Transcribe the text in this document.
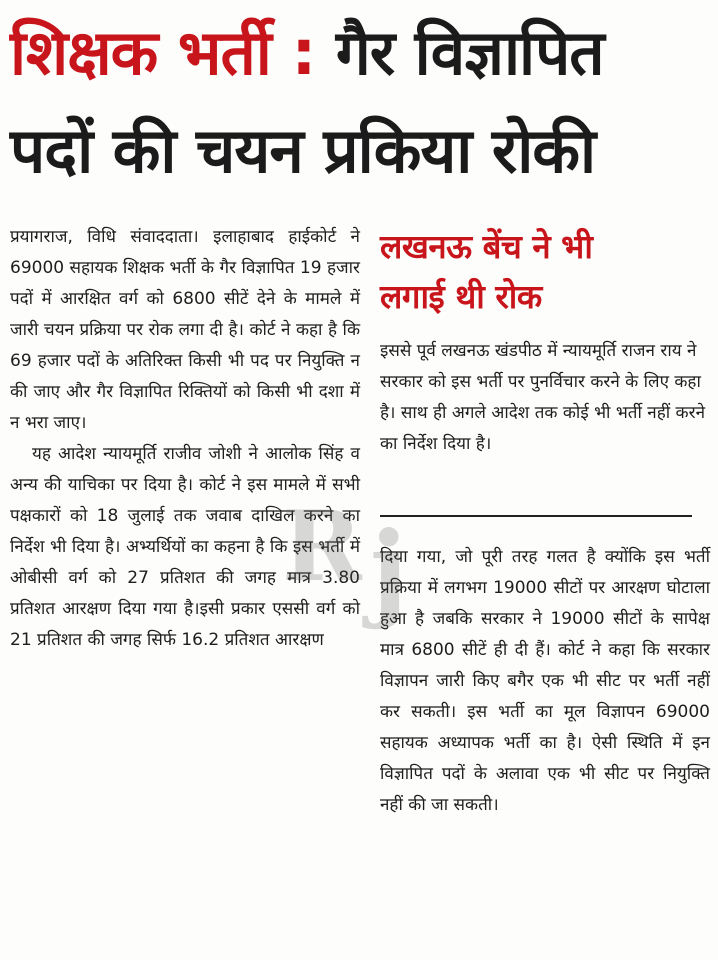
शिक्षक भर्ती : गैर विज्ञापित
पदों की चयन प्रकिया रोकी

प्रयागराज, विधि संवाददाता। इलाहाबाद हाईकोर्ट ने 69000 सहायक शिक्षक भर्ती के गैर विज्ञापित 19 हजार पदों में आरक्षित वर्ग को 6800 सीटें देने के मामले में जारी चयन प्रक्रिया पर रोक लगा दी है। कोर्ट ने कहा है कि 69 हजार पदों के अतिरिक्त किसी भी पद पर नियुक्ति न की जाए और गैर विज्ञापित रिक्तियों को किसी भी दशा में न भरा जाए।

यह आदेश न्यायमूर्ति राजीव जोशी ने आलोक सिंह व अन्य की याचिका पर दिया है। कोर्ट ने इस मामले में सभी पक्षकारों को 18 जुलाई तक जवाब दाखिल करने का निर्देश भी दिया है। अभ्यर्थियों का कहना है कि इस भर्ती में ओबीसी वर्ग को 27 प्रतिशत की जगह मात्र 3.80 प्रतिशत आरक्षण दिया गया है।इसी प्रकार एससी वर्ग को 21 प्रतिशत की जगह सिर्फ 16.2 प्रतिशत आरक्षण

लखनऊ बेंच ने भी
लगाई थी रोक

इससे पूर्व लखनऊ खंडपीठ में न्यायमूर्ति राजन राय ने सरकार को इस भर्ती पर पुनर्विचार करने के लिए कहा है। साथ ही अगले आदेश तक कोई भी भर्ती नहीं करने का निर्देश दिया है।

दिया गया, जो पूरी तरह गलत है क्योंकि इस भर्ती प्रक्रिया में लगभग 19000 सीटों पर आरक्षण घोटाला हुआ है जबकि सरकार ने 19000 सीटों के सापेक्ष मात्र 6800 सीटें ही दी हैं। कोर्ट ने कहा कि सरकार विज्ञापन जारी किए बगैर एक भी सीट पर भर्ती नहीं कर सकती। इस भर्ती का मूल विज्ञापन 69000 सहायक अध्यापक भर्ती का है। ऐसी स्थिति में इन विज्ञापित पदों के अलावा एक भी सीट पर नियुक्ति नहीं की जा सकती।

R j
